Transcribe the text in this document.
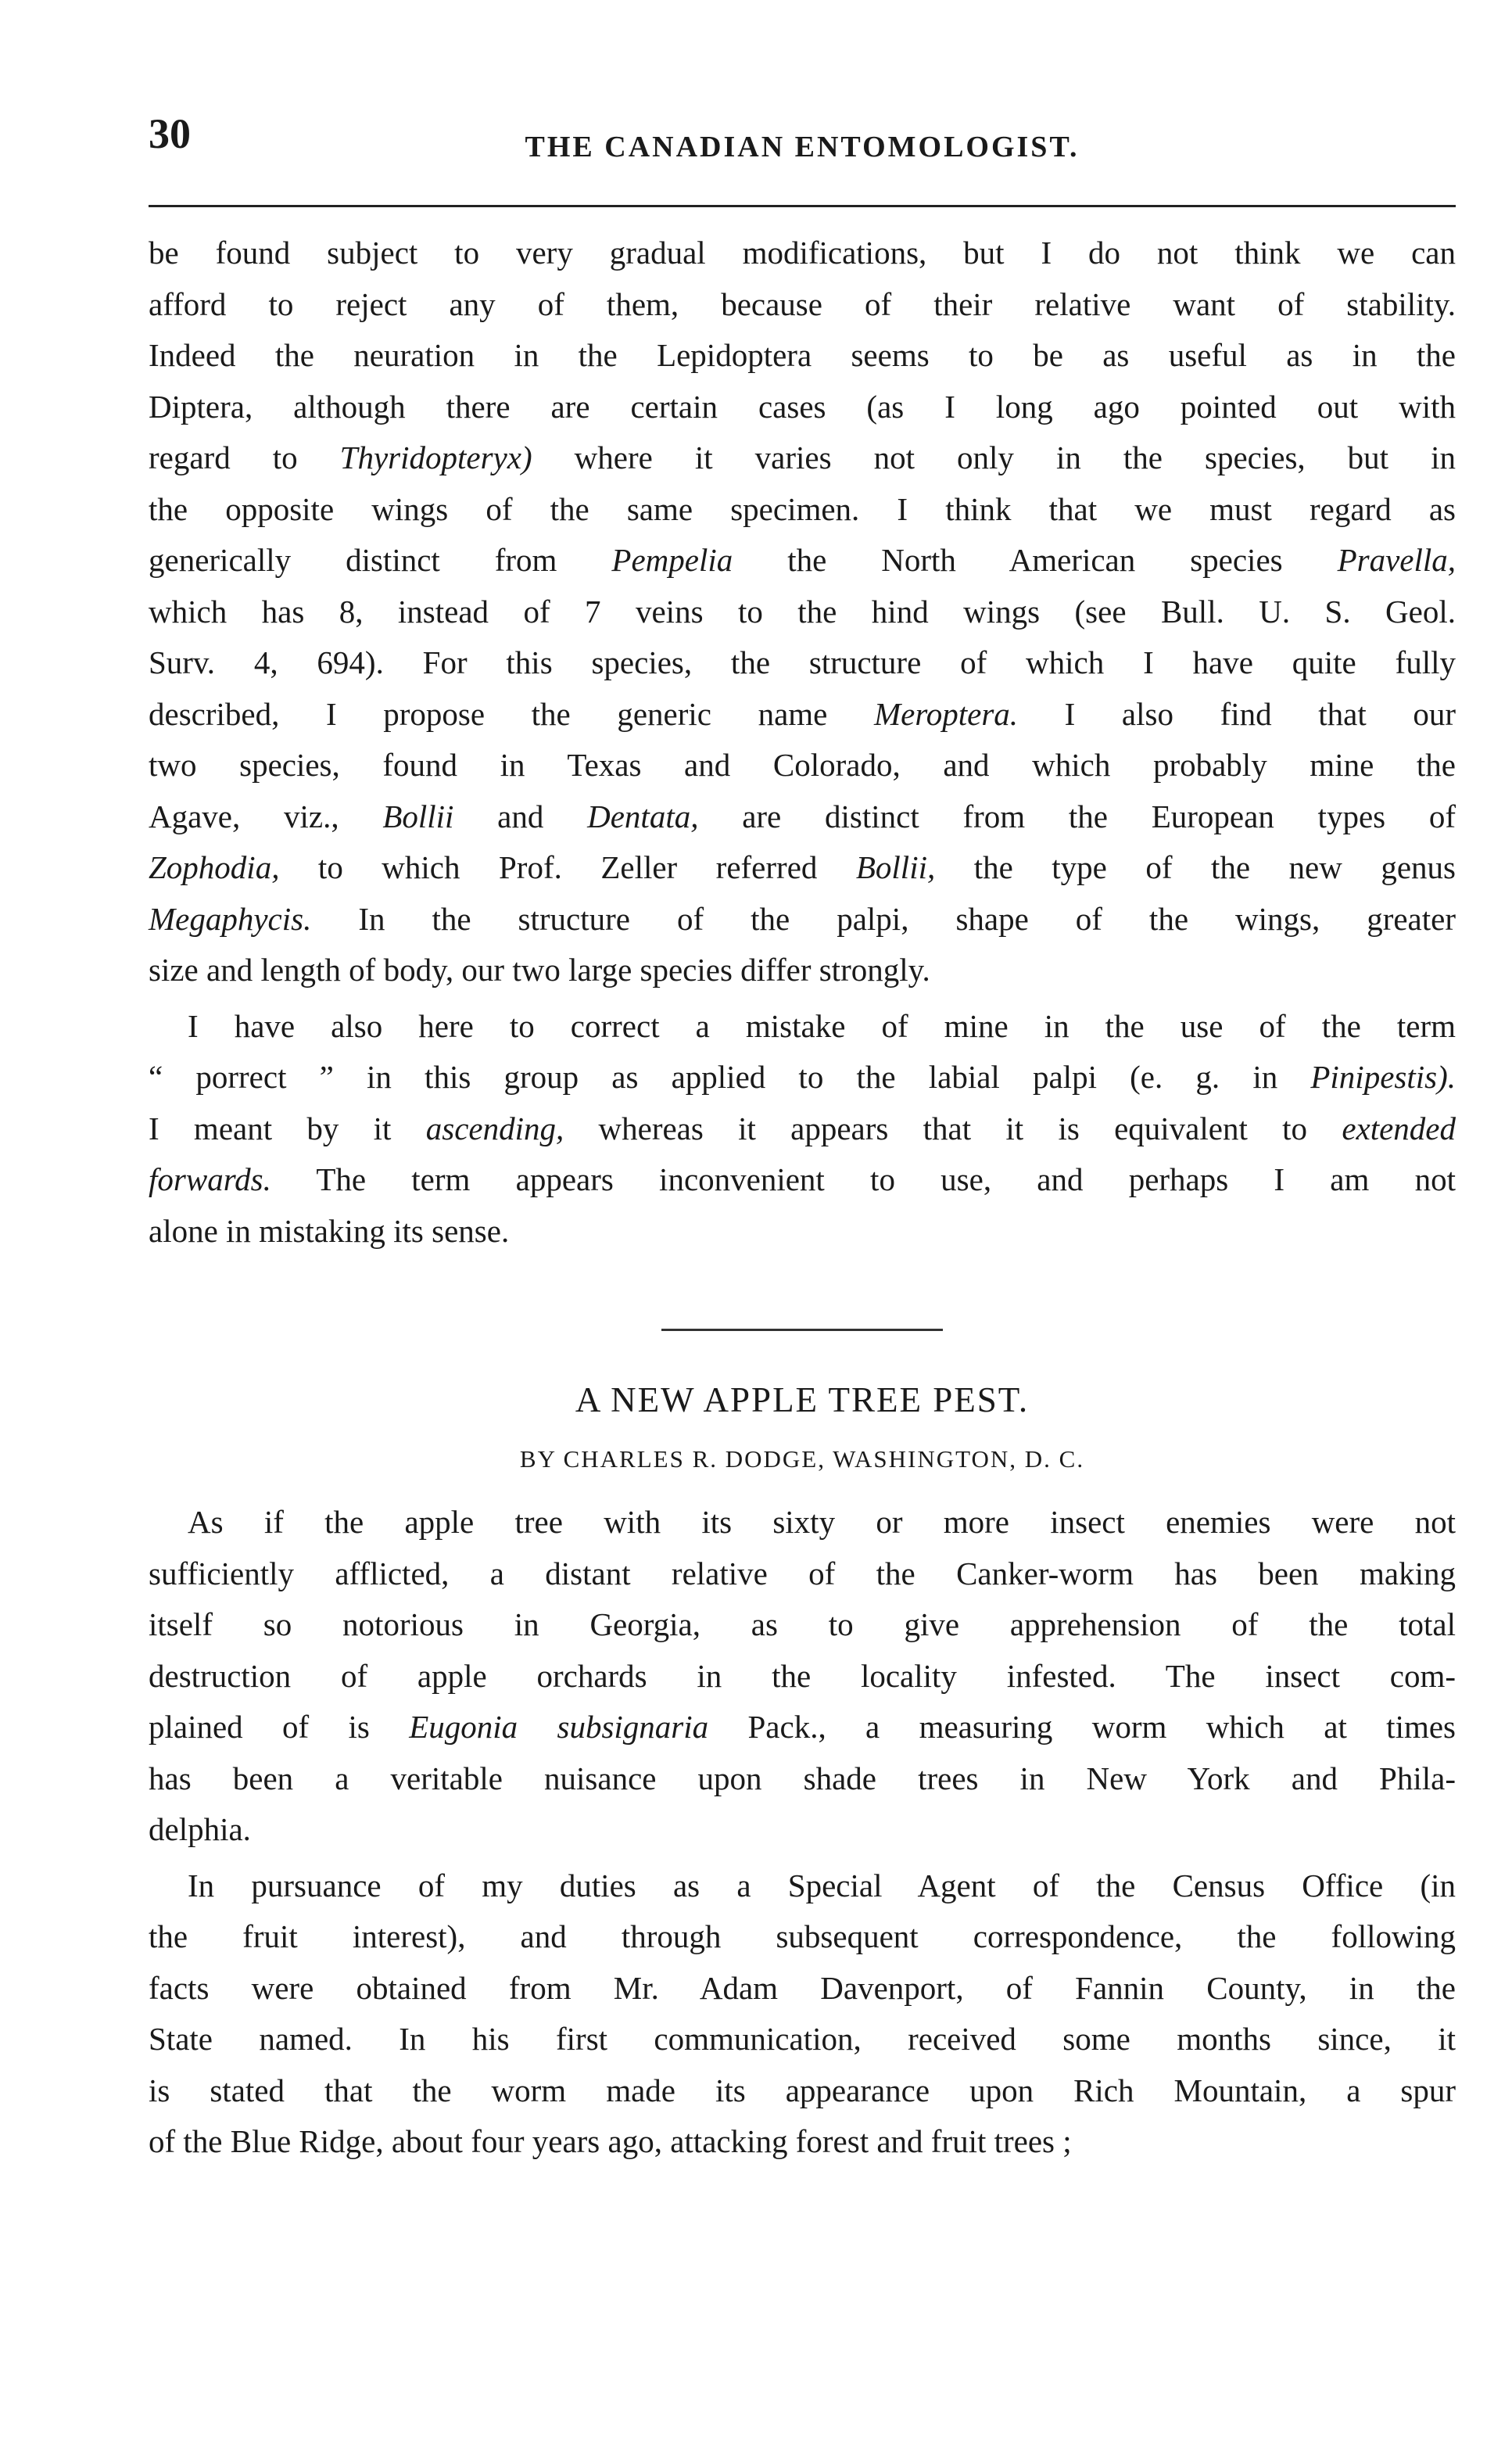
30	THE CANADIAN ENTOMOLOGIST.
be found subject to very gradual modifications, but I do not think we can
afford to reject any of them, because of their relative want of stability.
Indeed the neuration in the Lepidoptera seems to be as useful as in the
Diptera, although there are certain cases (as I long ago pointed out with
regard to Thyridopteryx) where it varies not only in the species, but in
the opposite wings of the same specimen. I think that we must regard as
generically distinct from Pempelia the North American species Pravella,
which has 8, instead of 7 veins to the hind wings (see Bull. U. S. Geol.
Surv. 4, 694). For this species, the structure of which I have quite fully
described, I propose the generic name Meroptera. I also find that our
two species, found in Texas and Colorado, and which probably mine the
Agave, viz., Bollii and Dentata, are distinct from the European types of
Zophodia, to which Prof. Zeller referred Bollii, the type of the new genus
Megaphycis. In the structure of the palpi, shape of the wings, greater
size and length of body, our two large species differ strongly.
I have also here to correct a mistake of mine in the use of the term
“ porrect ” in this group as applied to the labial palpi (e. g. in Pinipestis).
I meant by it ascending, whereas it appears that it is equivalent to extended
forwards. The term appears inconvenient to use, and perhaps I am not
alone in mistaking its sense.
A NEW APPLE TREE PEST.
BY CHARLES R. DODGE, WASHINGTON, D. C.
As if the apple tree with its sixty or more insect enemies were not
sufficiently afflicted, a distant relative of the Canker-worm has been making
itself so notorious in Georgia, as to give apprehension of the total
destruction of apple orchards in the locality infested. The insect com-
plained of is Eugonia subsignaria Pack., a measuring worm which at times
has been a veritable nuisance upon shade trees in New York and Phila-
delphia.
In pursuance of my duties as a Special Agent of the Census Office (in
the fruit interest), and through subsequent correspondence, the following
facts were obtained from Mr. Adam Davenport, of Fannin County, in the
State named. In his first communication, received some months since, it
is stated that the worm made its appearance upon Rich Mountain, a spur
of the Blue Ridge, about four years ago, attacking forest and fruit trees ;
